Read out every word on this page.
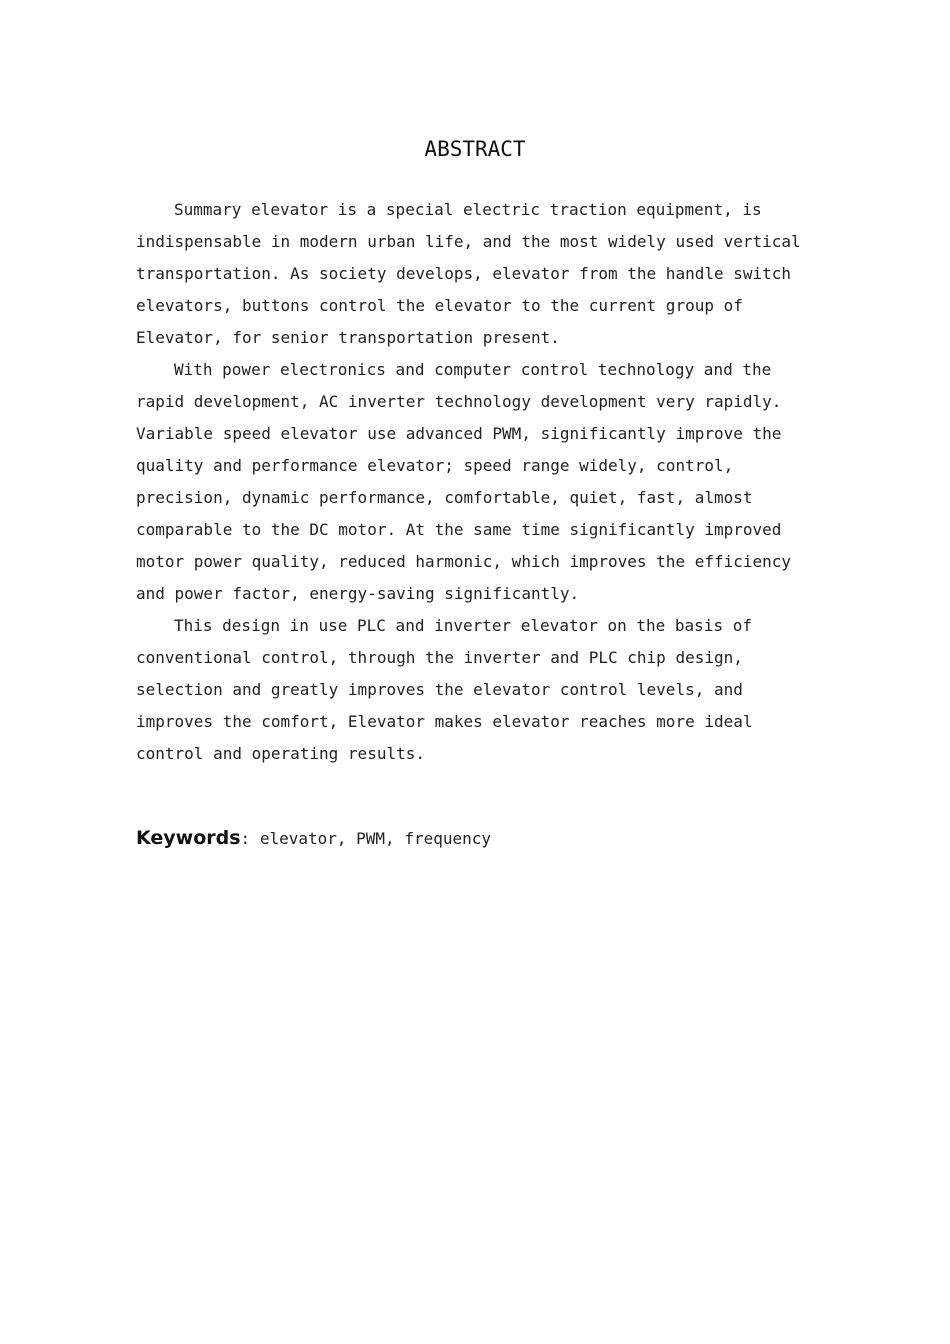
ABSTRACT

Summary elevator is a special electric traction equipment, is indispensable in modern urban life, and the most widely used vertical transportation. As society develops, elevator from the handle switch elevators, buttons control the elevator to the current group of Elevator, for senior transportation present.

With power electronics and computer control technology and the rapid development, AC inverter technology development very rapidly. Variable speed elevator use advanced PWM, significantly improve the quality and performance elevator; speed range widely, control, precision, dynamic performance, comfortable, quiet, fast, almost comparable to the DC motor. At the same time significantly improved motor power quality, reduced harmonic, which improves the efficiency and power factor, energy-saving significantly.

This design in use PLC and inverter elevator on the basis of conventional control, through the inverter and PLC chip design, selection and greatly improves the elevator control levels, and improves the comfort, Elevator makes elevator reaches more ideal control and operating results.

Keywords: elevator, PWM, frequency
